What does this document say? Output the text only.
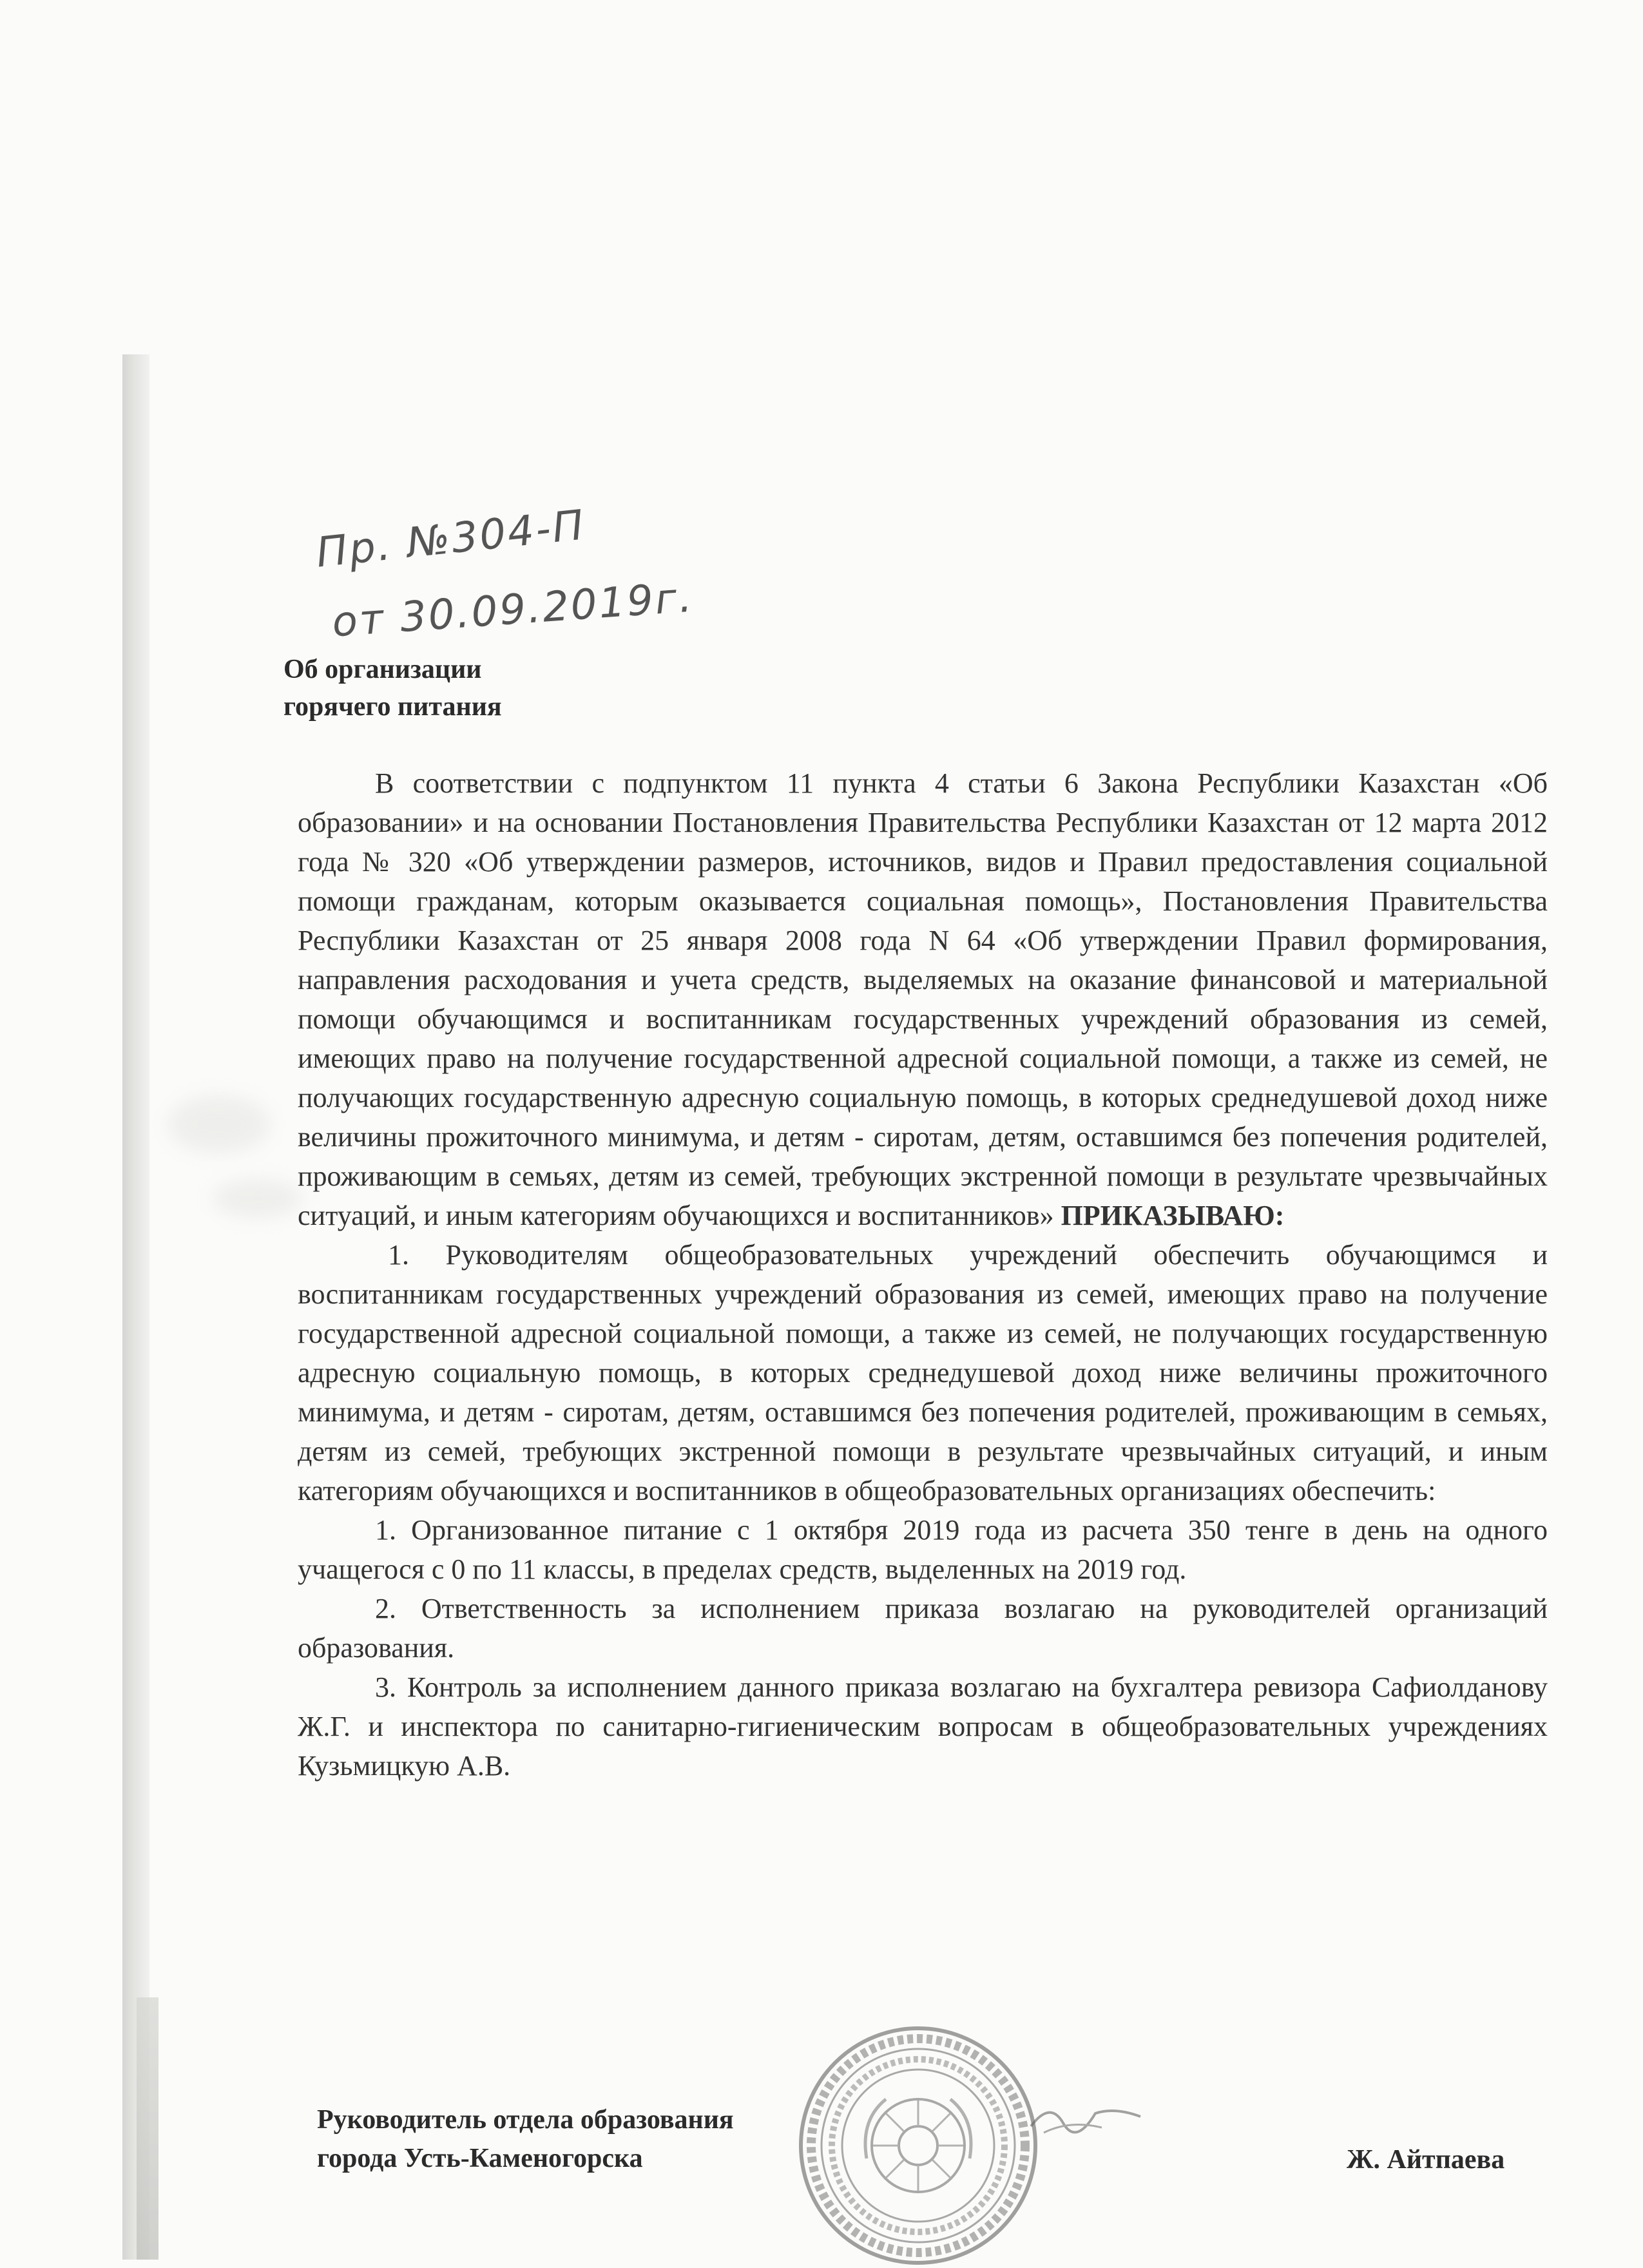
Пр. №304-П
от 30.09.2019г.
Об организации
горячего питания

В соответствии с подпунктом 11 пункта 4 статьи 6 Закона Республики Казахстан «Об образовании» и на основании Постановления Правительства Республики Казахстан от 12 марта 2012 года № 320 «Об утверждении размеров, источников, видов и Правил предоставления социальной помощи гражданам, которым оказывается социальная помощь», Постановления Правительства Республики Казахстан от 25 января 2008 года N 64 «Об утверждении Правил формирования, направления расходования и учета средств, выделяемых на оказание финансовой и материальной помощи обучающимся и воспитанникам государственных учреждений образования из семей, имеющих право на получение государственной адресной социальной помощи, а также из семей, не получающих государственную адресную социальную помощь, в которых среднедушевой доход ниже величины прожиточного минимума, и детям - сиротам, детям, оставшимся без попечения родителей, проживающим в семьях, детям из семей, требующих экстренной помощи в результате чрезвычайных ситуаций, и иным категориям обучающихся и воспитанников» ПРИКАЗЫВАЮ:

1. Руководителям общеобразовательных учреждений обеспечить обучающимся и воспитанникам государственных учреждений образования из семей, имеющих право на получение государственной адресной социальной помощи, а также из семей, не получающих государственную адресную социальную помощь, в которых среднедушевой доход ниже величины прожиточного минимума, и детям - сиротам, детям, оставшимся без попечения родителей, проживающим в семьях, детям из семей, требующих экстренной помощи в результате чрезвычайных ситуаций, и иным категориям обучающихся и воспитанников в общеобразовательных организациях обеспечить:

1. Организованное питание с 1 октября 2019 года из расчета 350 тенге в день на одного учащегося с 0 по 11 классы, в пределах средств, выделенных на 2019 год.

2. Ответственность за исполнением приказа возлагаю на руководителей организаций образования.

3. Контроль за исполнением данного приказа возлагаю на бухгалтера ревизора Сафиолданову Ж.Г. и инспектора по санитарно-гигиеническим вопросам в общеобразовательных учреждениях Кузьмицкую А.В.

Руководитель отдела образования
города Усть-Каменогорска	Ж. Айтпаева
